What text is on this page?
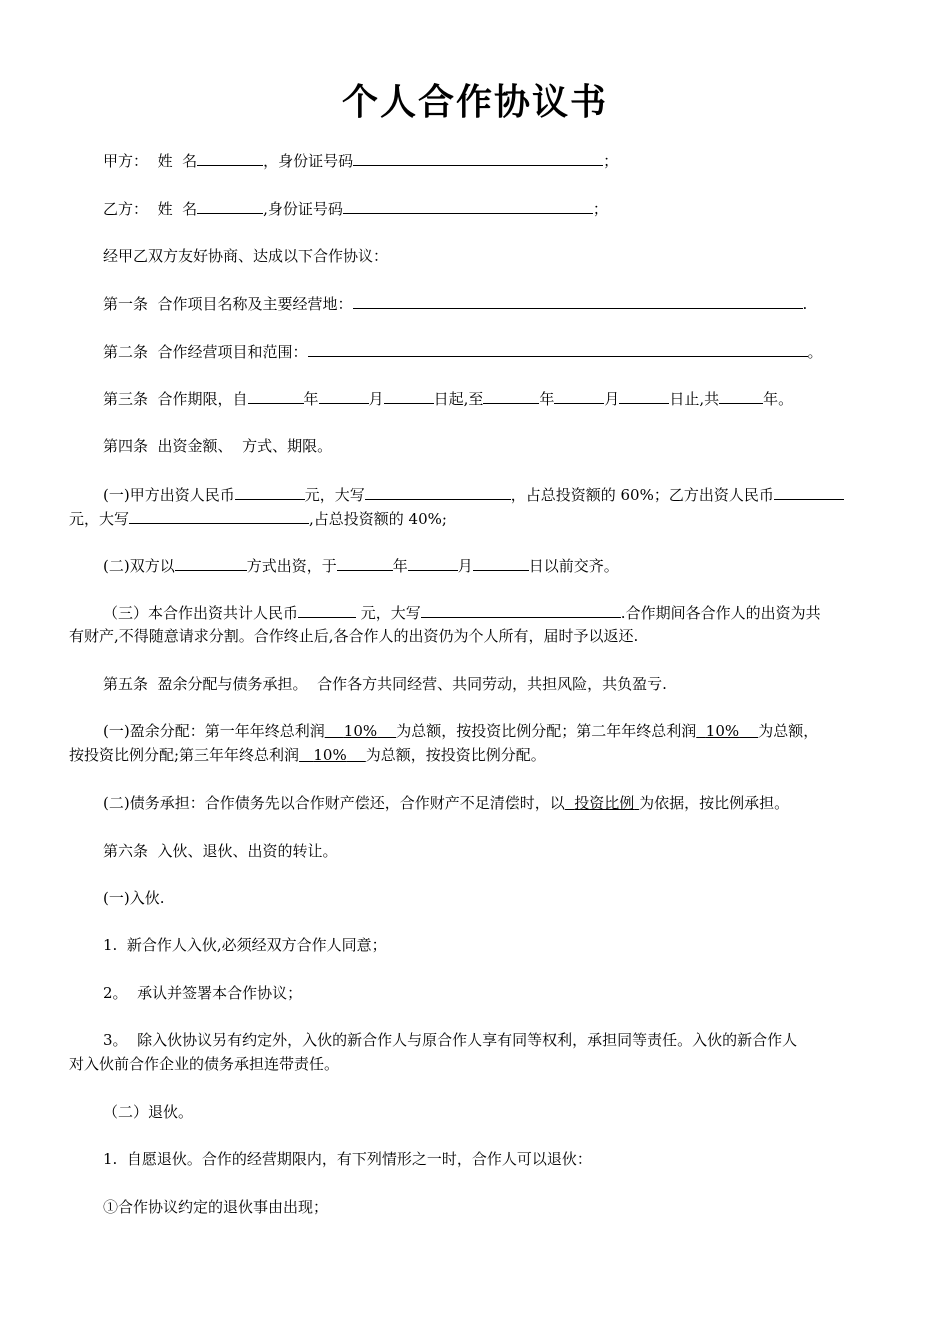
个人合作协议书
甲方： 姓  名	，身份证号码	；
乙方： 姓  名	,身份证号码	；
经甲乙双方友好协商、达成以下合作协议：
第一条  合作项目名称及主要经营地：	.
第二条  合作经营项目和范围：	。
第三条  合作期限，自	年	月	日起,至	年	月	日止,共	年。
第四条  出资金额、  方式、期限。
(一)甲方出资人民币	元，大写	，占总投资额的 60%；乙方出资人民币
元，大写	,占总投资额的 40%;
(二)双方以	方式出资，于	年	月	日以前交齐。
（三）本合作出资共计人民币	元，大写	.合作期间各合作人的出资为共
有财产,不得随意请求分割。合作终止后,各合作人的出资仍为个人所有，届时予以返还.
第五条  盈余分配与债务承担。  合作各方共同经营、共同劳动，共担风险，共负盈亏.
(一)盈余分配：第一年年终总利润 10% 为总额，按投资比例分配；第二年年终总利润 10% 为总额，
按投资比例分配;第三年年终总利润 10% 为总额，按投资比例分配。
(二)债务承担：合作债务先以合作财产偿还，合作财产不足清偿时，以 投资比例 为依据，按比例承担。
第六条  入伙、退伙、出资的转让。
(一)入伙.
1.  新合作人入伙,必须经双方合作人同意；
2。  承认并签署本合作协议；
3。  除入伙协议另有约定外，入伙的新合作人与原合作人享有同等权利，承担同等责任。入伙的新合作人
对入伙前合作企业的债务承担连带责任。
（二）退伙。
1.  自愿退伙。合作的经营期限内，有下列情形之一时，合作人可以退伙：
①合作协议约定的退伙事由出现；
